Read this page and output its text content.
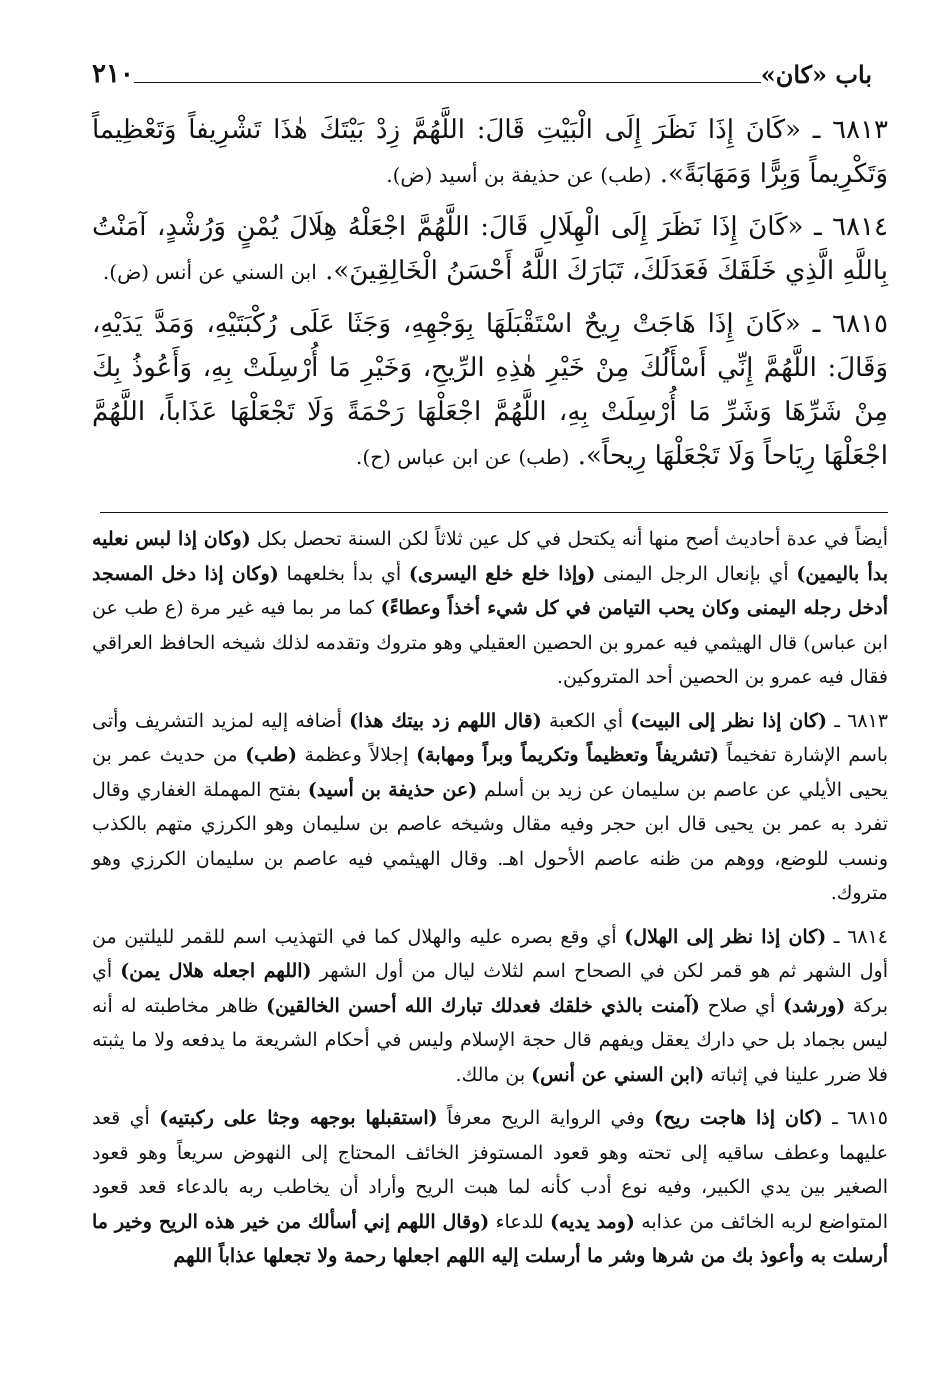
باب «كان»
٢١٠

٦٨١٣ ـ «كَانَ إِذَا نَظَرَ إِلَى الْبَيْتِ قَالَ: اللَّهُمَّ زِدْ بَيْتَكَ هٰذَا تَشْرِيفاً وَتَعْظِيماً وَتَكْرِيماً وَبِرًّا وَمَهَابَةً». (طب) عن حذيفة بن أسيد (ض).

٦٨١٤ ـ «كَانَ إِذَا نَظَرَ إِلَى الْهِلَالِ قَالَ: اللَّهُمَّ اجْعَلْهُ هِلَالَ يُمْنٍ وَرُشْدٍ، آمَنْتُ بِاللَّهِ الَّذِي خَلَقَكَ فَعَدَلَكَ، تَبَارَكَ اللَّهُ أَحْسَنُ الْخَالِقِينَ». ابن السني عن أنس (ض).

٦٨١٥ ـ «كَانَ إِذَا هَاجَتْ رِيحٌ اسْتَقْبَلَهَا بِوَجْهِهِ، وَجَثَا عَلَى رُكْبَتَيْهِ، وَمَدَّ يَدَيْهِ، وَقَالَ: اللَّهُمَّ إِنِّي أَسْأَلُكَ مِنْ خَيْرِ هٰذِهِ الرِّيحِ، وَخَيْرِ مَا أُرْسِلَتْ بِهِ، وَأَعُوذُ بِكَ مِنْ شَرِّهَا وَشَرِّ مَا أُرْسِلَتْ بِهِ، اللَّهُمَّ اجْعَلْهَا رَحْمَةً وَلَا تَجْعَلْهَا عَذَاباً، اللَّهُمَّ اجْعَلْهَا رِيَاحاً وَلَا تَجْعَلْهَا رِيحاً». (طب) عن ابن عباس (ح).

أيضاً في عدة أحاديث أصح منها أنه يكتحل في كل عين ثلاثاً لكن السنة تحصل بكل (وكان إذا لبس نعليه بدأ باليمين) أي بإنعال الرجل اليمنى (وإذا خلع خلع اليسرى) أي بدأ بخلعهما (وكان إذا دخل المسجد أدخل رجله اليمنى وكان يحب التيامن في كل شيء أخذاً وعطاءً) كما مر بما فيه غير مرة (ع طب عن ابن عباس) قال الهيثمي فيه عمرو بن الحصين العقيلي وهو متروك وتقدمه لذلك شيخه الحافظ العراقي فقال فيه عمرو بن الحصين أحد المتروكين.

٦٨١٣ ـ (كان إذا نظر إلى البيت) أي الكعبة (قال اللهم زد بيتك هذا) أضافه إليه لمزيد التشريف وأتى باسم الإشارة تفخيماً (تشريفاً وتعظيماً وتكريماً وبراً ومهابة) إجلالاً وعظمة (طب) من حديث عمر بن يحيى الأيلي عن عاصم بن سليمان عن زيد بن أسلم (عن حذيفة بن أسيد) بفتح المهملة الغفاري وقال تفرد به عمر بن يحيى قال ابن حجر وفيه مقال وشيخه عاصم بن سليمان وهو الكرزي متهم بالكذب ونسب للوضع، ووهم من ظنه عاصم الأحول اهـ. وقال الهيثمي فيه عاصم بن سليمان الكرزي وهو متروك.

٦٨١٤ ـ (كان إذا نظر إلى الهلال) أي وقع بصره عليه والهلال كما في التهذيب اسم للقمر لليلتين من أول الشهر ثم هو قمر لكن في الصحاح اسم لثلاث ليال من أول الشهر (اللهم اجعله هلال يمن) أي بركة (ورشد) أي صلاح (آمنت بالذي خلقك فعدلك تبارك الله أحسن الخالقين) ظاهر مخاطبته له أنه ليس بجماد بل حي دارك يعقل ويفهم قال حجة الإسلام وليس في أحكام الشريعة ما يدفعه ولا ما يثبته فلا ضرر علينا في إثباته (ابن السني عن أنس) بن مالك.

٦٨١٥ ـ (كان إذا هاجت ريح) وفي الرواية الريح معرفاً (استقبلها بوجهه وجثا على ركبتيه) أي قعد عليهما وعطف ساقيه إلى تحته وهو قعود المستوفز الخائف المحتاج إلى النهوض سريعاً وهو قعود الصغير بين يدي الكبير، وفيه نوع أدب كأنه لما هبت الريح وأراد أن يخاطب ربه بالدعاء قعد قعود المتواضع لربه الخائف من عذابه (ومد يديه) للدعاء (وقال اللهم إني أسألك من خير هذه الريح وخير ما أرسلت به وأعوذ بك من شرها وشر ما أرسلت إليه اللهم اجعلها رحمة ولا تجعلها عذاباً اللهم
